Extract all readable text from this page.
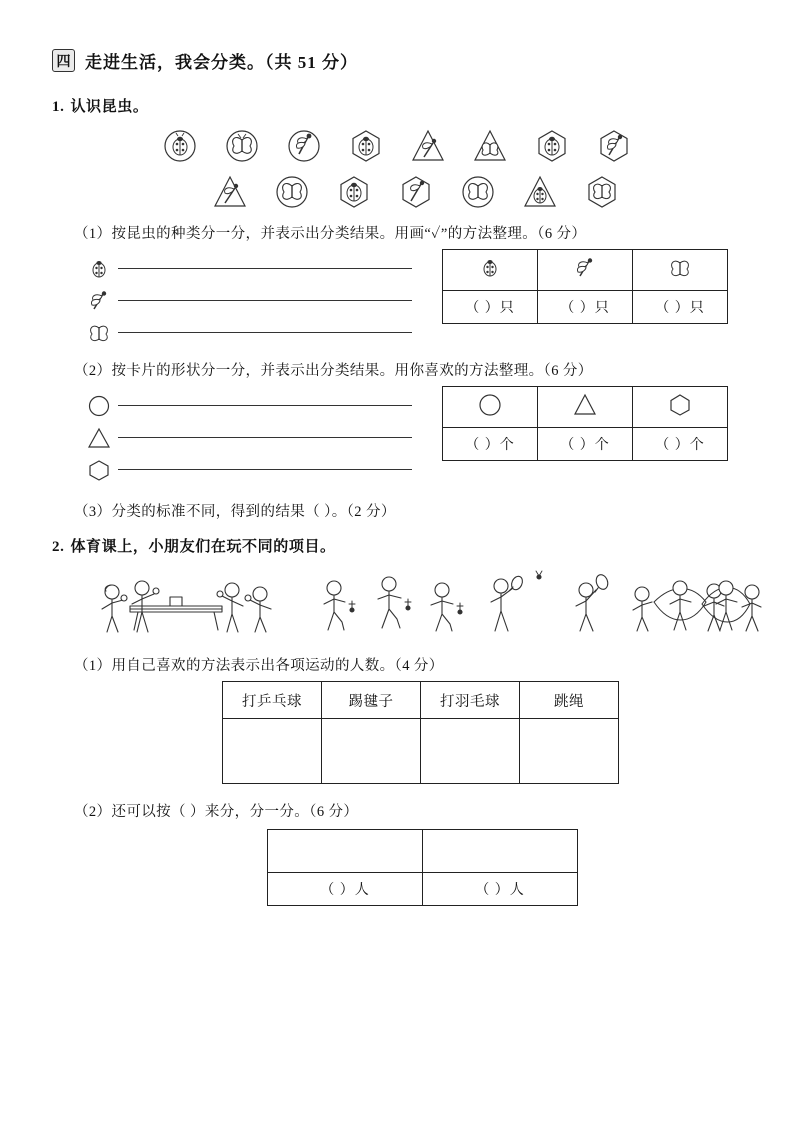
四 走进生活，我会分类。（共 51 分）
1. 认识昆虫。
（1）按昆虫的种类分一分，并表示出分类结果。用画“✓”的方法整理。（6 分）

（ ）只	（ ）只	（ ）只
（2）按卡片的形状分一分，并表示出分类结果。用你喜欢的方法整理。（6 分）

（ ）个	（ ）个	（ ）个
（3）分类的标准不同，得到的结果（ ）。（2 分）
2. 体育课上，小朋友们在玩不同的项目。
（1）用自己喜欢的方法表示出各项运动的人数。（4 分）
打乒乓球	踢毽子	打羽毛球	跳绳

（2）还可以按（ ）来分，分一分。（6 分）

（ ）人	（ ）人
